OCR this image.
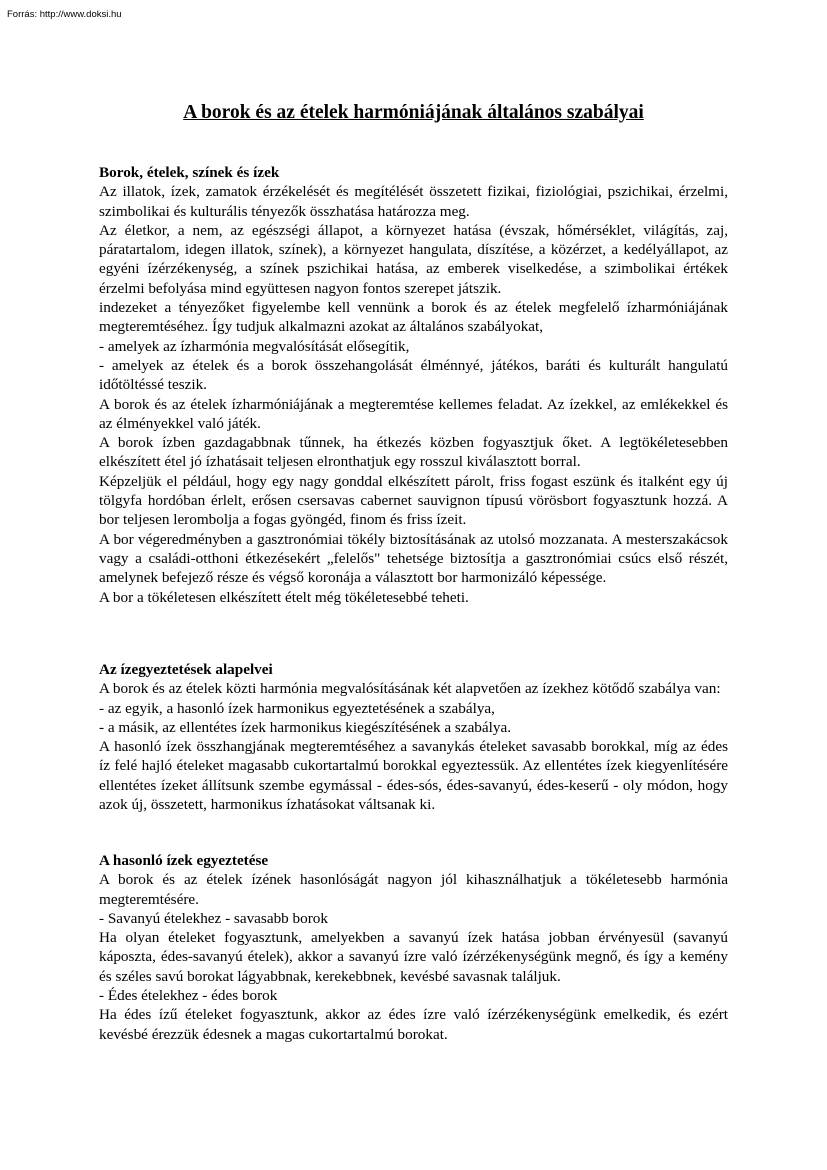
Forrás: http://www.doksi.hu
A borok és az ételek harmóniájának általános szabályai
Borok, ételek, színek és ízek

Az illatok, ízek, zamatok érzékelését és megítélését összetett fizikai, fiziológiai, pszichikai, érzelmi, szimbolikai és kulturális tényezők összhatása határozza meg.

Az életkor, a nem, az egészségi állapot, a környezet hatása (évszak, hőmérséklet, világítás, zaj, páratartalom, idegen illatok, színek), a környezet hangulata, díszítése, a közérzet, a kedélyállapot, az egyéni ízérzékenység, a színek pszichikai hatása, az emberek viselkedése, a szimbolikai értékek érzelmi befolyása mind együttesen nagyon fontos szerepet játszik.

indezeket a tényezőket figyelembe kell vennünk a borok és az ételek megfelelő ízharmóniájának megteremtéséhez. Így tudjuk alkalmazni azokat az általános szabályokat,

- amelyek az ízharmónia megvalósítását elősegítik,

- amelyek az ételek és a borok összehangolását élménnyé, játékos, baráti és kulturált hangulatú időtöltéssé teszik.

A borok és az ételek ízharmóniájának a megteremtése kellemes feladat. Az ízekkel, az emlékekkel és az élményekkel való játék.

A borok ízben gazdagabbnak tűnnek, ha étkezés közben fogyasztjuk őket. A legtökéletesebben elkészített étel jó ízhatásait teljesen elronthatjuk egy rosszul kiválasztott borral.

Képzeljük el például, hogy egy nagy gonddal elkészített párolt, friss fogast eszünk és italként egy új tölgyfa hordóban érlelt, erősen csersavas cabernet sauvignon típusú vörösbort fogyasztunk hozzá. A bor teljesen lerombolja a fogas gyöngéd, finom és friss ízeit.

A bor végeredményben a gasztronómiai tökély biztosításának az utolsó mozzanata. A mesterszakácsok vagy a családi-otthoni étkezésekért „felelős" tehetsége biztosítja a gasztronómiai csúcs első részét, amelynek befejező része és végső koronája a választott bor harmonizáló képessége.

A bor a tökéletesen elkészített ételt még tökéletesebbé teheti.

Az ízegyeztetések alapelvei

A borok és az ételek közti harmónia megvalósításának két alapvetően az ízekhez kötődő szabálya van:

- az egyik, a hasonló ízek harmonikus egyeztetésének a szabálya,

- a másik, az ellentétes ízek harmonikus kiegészítésének a szabálya.

A hasonló ízek összhangjának megteremtéséhez a savanykás ételeket savasabb borokkal, míg az édes íz felé hajló ételeket magasabb cukortartalmú borokkal egyeztessük. Az ellentétes ízek kiegyenlítésére ellentétes ízeket állítsunk szembe egymással - édes-sós, édes-savanyú, édes-keserű - oly módon, hogy azok új, összetett, harmonikus ízhatásokat váltsanak ki.

A hasonló ízek egyeztetése

A borok és az ételek ízének hasonlóságát nagyon jól kihasználhatjuk a tökéletesebb harmónia megteremtésére.

- Savanyú ételekhez - savasabb borok

Ha olyan ételeket fogyasztunk, amelyekben a savanyú ízek hatása jobban érvényesül (savanyú káposzta, édes-savanyú ételek), akkor a savanyú ízre való ízérzékenységünk megnő, és így a kemény és széles savú borokat lágyabbnak, kerekebbnek, kevésbé savasnak találjuk.

- Édes ételekhez - édes borok

Ha édes ízű ételeket fogyasztunk, akkor az édes ízre való ízérzékenységünk emelkedik, és ezért kevésbé érezzük édesnek a magas cukortartalmú borokat.
